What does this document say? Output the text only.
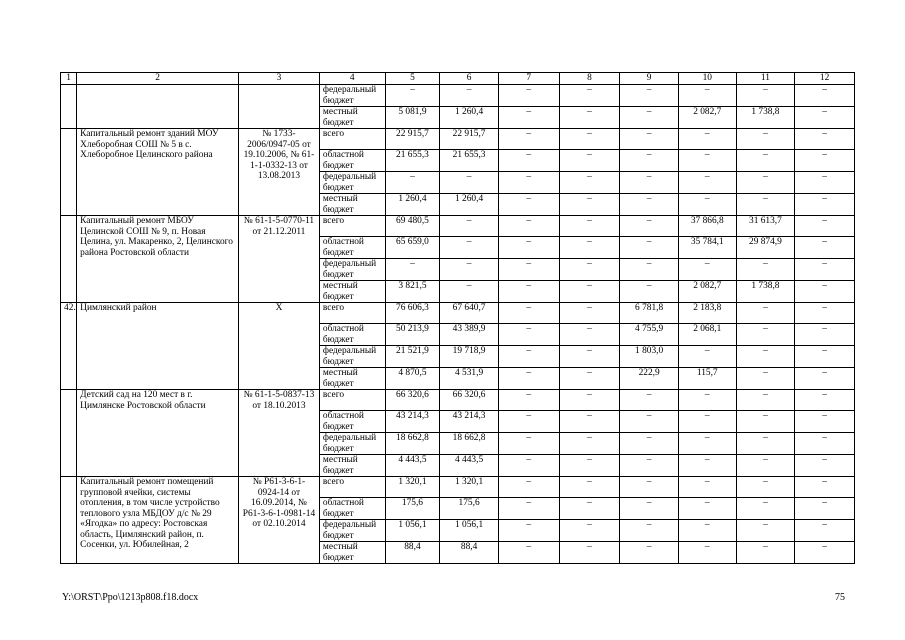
1	2	3	4	5	6	7	8	9	10	11	12
			федеральный бюджет	–	–	–	–	–	–	–	–
			местный бюджет	5 081,9	1 260,4	–	–	–	2 082,7	1 738,8	–
	Капитальный ремонт зданий МОУ Хлеборобная СОШ № 5 в с. Хлеборобное Целинского района	№ 1733-2006/0947-05 от 19.10.2006, № 61-1-1-0332-13 от 13.08.2013	всего	22 915,7	22 915,7	–	–	–	–	–	–
			областной бюджет	21 655,3	21 655,3	–	–	–	–	–	–
			федеральный бюджет	–	–	–	–	–	–	–	–
			местный бюджет	1 260,4	1 260,4	–	–	–	–	–	–
	Капитальный ремонт МБОУ Целинской СОШ № 9, п. Новая Целина, ул. Макаренко, 2, Целинского района Ростовской области	№ 61-1-5-0770-11 от 21.12.2011	всего	69 480,5	–	–	–	–	37 866,8	31 613,7	–
			областной бюджет	65 659,0	–	–	–	–	35 784,1	29 874,9	–
			федеральный бюджет	–	–	–	–	–	–	–	–
			местный бюджет	3 821,5	–	–	–	–	2 082,7	1 738,8	–
42.	Цимлянский район	Х	всего	76 606,3	67 640,7	–	–	6 781,8	2 183,8	–	–
			областной бюджет	50 213,9	43 389,9	–	–	4 755,9	2 068,1	–	–
			федеральный бюджет	21 521,9	19 718,9	–	–	1 803,0	–	–	–
			местный бюджет	4 870,5	4 531,9	–	–	222,9	115,7	–	–
	Детский сад на 120 мест в г. Цимлянске Ростовской области	№ 61-1-5-0837-13 от 18.10.2013	всего	66 320,6	66 320,6	–	–	–	–	–	–
			областной бюджет	43 214,3	43 214,3	–	–	–	–	–	–
			федеральный бюджет	18 662,8	18 662,8	–	–	–	–	–	–
			местный бюджет	4 443,5	4 443,5	–	–	–	–	–	–
	Капитальный ремонт помещений групповой ячейки, системы отопления, в том числе устройство теплового узла МБДОУ д/с № 29 «Ягодка» по адресу: Ростовская область, Цимлянский район, п. Сосенки, ул. Юбилейная, 2	№ Р61-3-6-1-0924-14 от 16.09.2014, № Р61-3-6-1-0981-14 от 02.10.2014	всего	1 320,1	1 320,1	–	–	–	–	–	–
			областной бюджет	175,6	175,6	–	–	–	–	–	–
			федеральный бюджет	1 056,1	1 056,1	–	–	–	–	–	–
			местный бюджет	88,4	88,4	–	–	–	–	–	–
Y:\ORST\Ppo\1213p808.f18.docx	75
